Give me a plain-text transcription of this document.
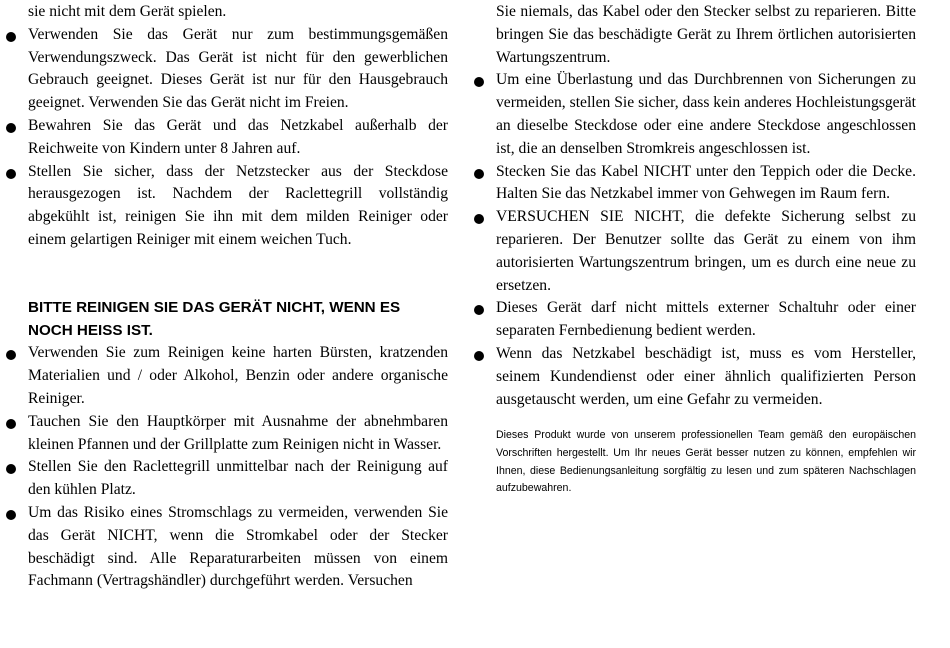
sie nicht mit dem Gerät spielen.

Verwenden Sie das Gerät nur zum bestimmungsgemäßen Verwendungszweck. Das Gerät ist nicht für den gewerblichen Gebrauch geeignet. Dieses Gerät ist nur für den Hausgebrauch geeignet. Verwenden Sie das Gerät nicht im Freien.
Bewahren Sie das Gerät und das Netzkabel außerhalb der Reichweite von Kindern unter 8 Jahren auf.
Stellen Sie sicher, dass der Netzstecker aus der Steckdose herausgezogen ist. Nachdem der Raclettegrill vollständig abgekühlt ist, reinigen Sie ihn mit dem milden Reiniger oder einem gelartigen Reiniger mit einem weichen Tuch.
BITTE REINIGEN SIE DAS GERÄT NICHT, WENN ES NOCH HEISS IST.
Verwenden Sie zum Reinigen keine harten Bürsten, kratzenden Materialien und / oder Alkohol, Benzin oder andere organische Reiniger.
Tauchen Sie den Hauptkörper mit Ausnahme der abnehmbaren kleinen Pfannen und der Grillplatte zum Reinigen nicht in Wasser.
Stellen Sie den Raclettegrill unmittelbar nach der Reinigung auf den kühlen Platz.
Um das Risiko eines Stromschlags zu vermeiden, verwenden Sie das Gerät NICHT, wenn die Stromkabel oder der Stecker beschädigt sind. Alle Reparaturarbeiten müssen von einem Fachmann (Vertragshändler) durchgeführt werden. Versuchen

Sie niemals, das Kabel oder den Stecker selbst zu reparieren. Bitte bringen Sie das beschädigte Gerät zu Ihrem örtlichen autorisierten Wartungszentrum.

Um eine Überlastung und das Durchbrennen von Sicherungen zu vermeiden, stellen Sie sicher, dass kein anderes Hochleistungsgerät an dieselbe Steckdose oder eine andere Steckdose angeschlossen ist, die an denselben Stromkreis angeschlossen ist.
Stecken Sie das Kabel NICHT unter den Teppich oder die Decke. Halten Sie das Netzkabel immer von Gehwegen im Raum fern.
VERSUCHEN SIE NICHT, die defekte Sicherung selbst zu reparieren. Der Benutzer sollte das Gerät zu einem von ihm autorisierten Wartungszentrum bringen, um es durch eine neue zu ersetzen.
Dieses Gerät darf nicht mittels externer Schaltuhr oder einer separaten Fernbedienung bedient werden.
Wenn das Netzkabel beschädigt ist, muss es vom Hersteller, seinem Kundendienst oder einer ähnlich qualifizierten Person ausgetauscht werden, um eine Gefahr zu vermeiden.

Dieses Produkt wurde von unserem professionellen Team gemäß den europäischen Vorschriften hergestellt. Um Ihr neues Gerät besser nutzen zu können, empfehlen wir Ihnen, diese Bedienungsanleitung sorgfältig zu lesen und zum späteren Nachschlagen aufzubewahren.
